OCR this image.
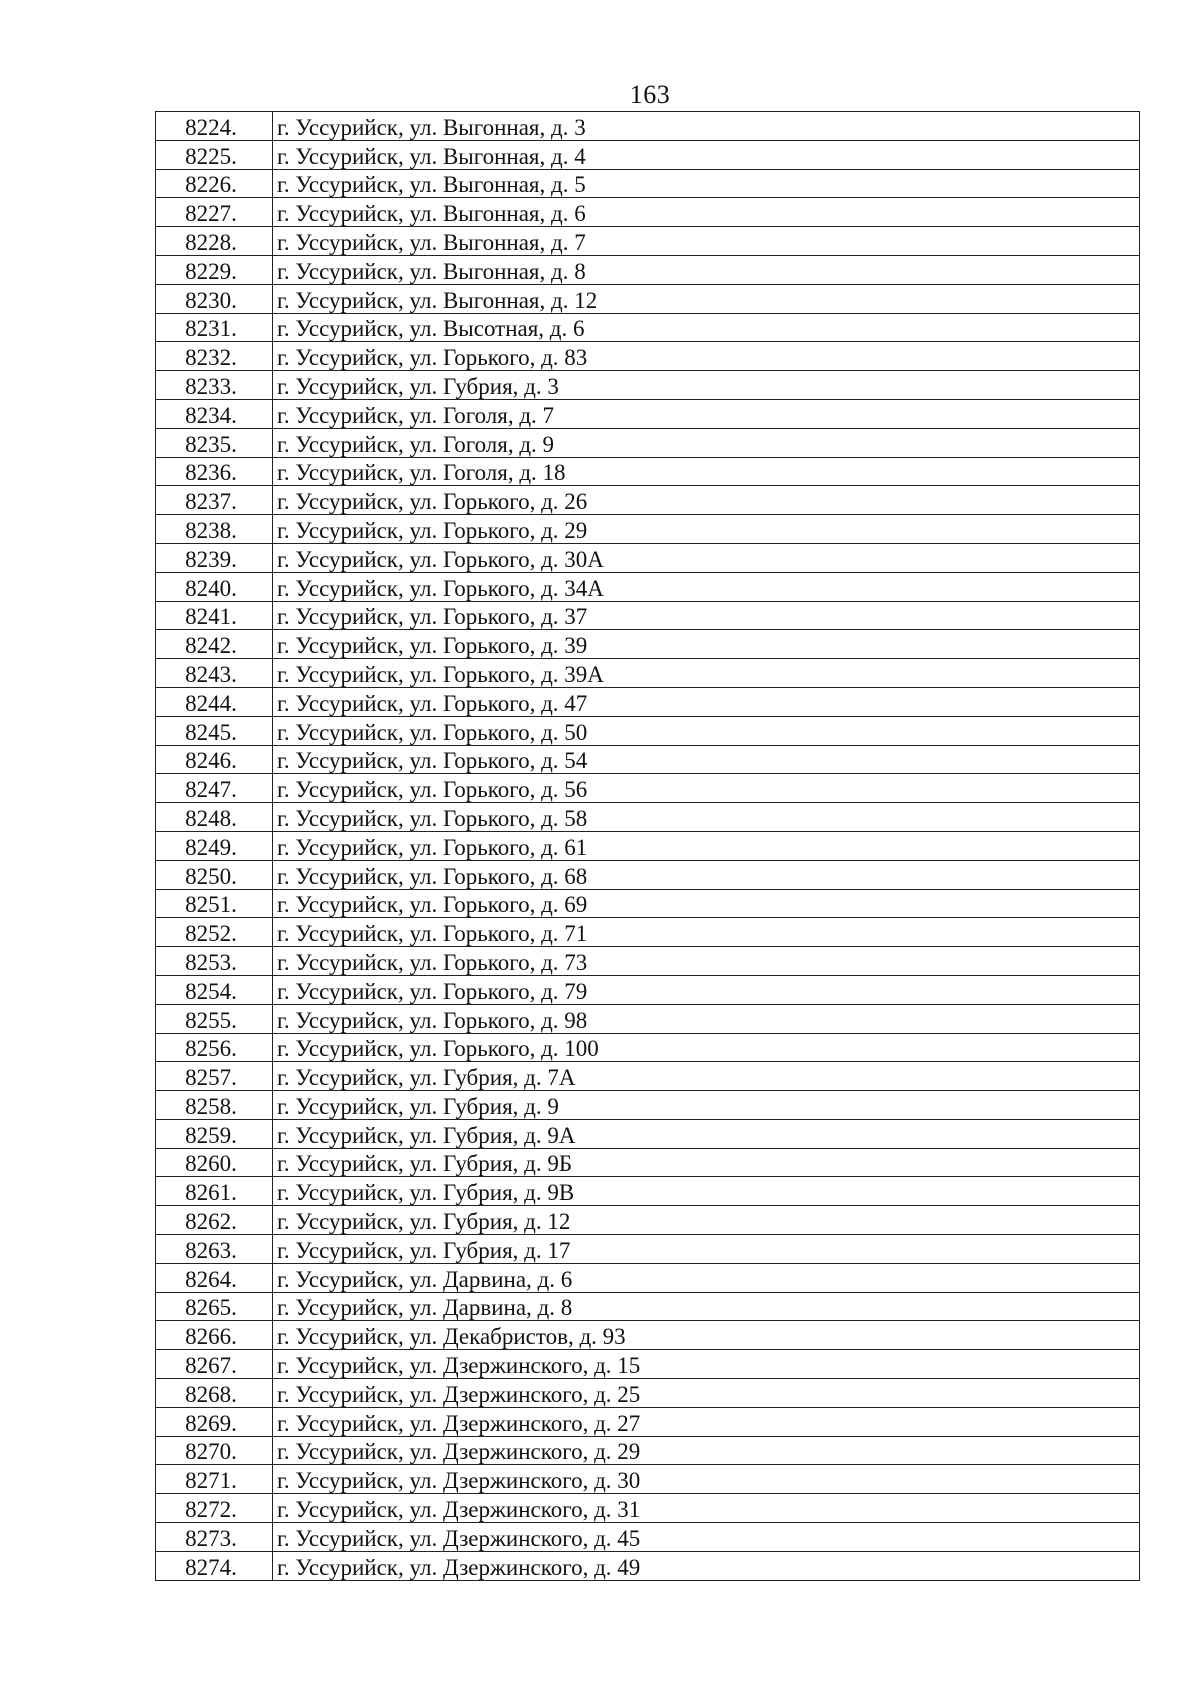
163
8224.	г. Уссурийск, ул. Выгонная, д. 3
8225.	г. Уссурийск, ул. Выгонная, д. 4
8226.	г. Уссурийск, ул. Выгонная, д. 5
8227.	г. Уссурийск, ул. Выгонная, д. 6
8228.	г. Уссурийск, ул. Выгонная, д. 7
8229.	г. Уссурийск, ул. Выгонная, д. 8
8230.	г. Уссурийск, ул. Выгонная, д. 12
8231.	г. Уссурийск, ул. Высотная, д. 6
8232.	г. Уссурийск, ул. Горького, д. 83
8233.	г. Уссурийск, ул. Губрия, д. 3
8234.	г. Уссурийск, ул. Гоголя, д. 7
8235.	г. Уссурийск, ул. Гоголя, д. 9
8236.	г. Уссурийск, ул. Гоголя, д. 18
8237.	г. Уссурийск, ул. Горького, д. 26
8238.	г. Уссурийск, ул. Горького, д. 29
8239.	г. Уссурийск, ул. Горького, д. 30А
8240.	г. Уссурийск, ул. Горького, д. 34А
8241.	г. Уссурийск, ул. Горького, д. 37
8242.	г. Уссурийск, ул. Горького, д. 39
8243.	г. Уссурийск, ул. Горького, д. 39А
8244.	г. Уссурийск, ул. Горького, д. 47
8245.	г. Уссурийск, ул. Горького, д. 50
8246.	г. Уссурийск, ул. Горького, д. 54
8247.	г. Уссурийск, ул. Горького, д. 56
8248.	г. Уссурийск, ул. Горького, д. 58
8249.	г. Уссурийск, ул. Горького, д. 61
8250.	г. Уссурийск, ул. Горького, д. 68
8251.	г. Уссурийск, ул. Горького, д. 69
8252.	г. Уссурийск, ул. Горького, д. 71
8253.	г. Уссурийск, ул. Горького, д. 73
8254.	г. Уссурийск, ул. Горького, д. 79
8255.	г. Уссурийск, ул. Горького, д. 98
8256.	г. Уссурийск, ул. Горького, д. 100
8257.	г. Уссурийск, ул. Губрия, д. 7А
8258.	г. Уссурийск, ул. Губрия, д. 9
8259.	г. Уссурийск, ул. Губрия, д. 9А
8260.	г. Уссурийск, ул. Губрия, д. 9Б
8261.	г. Уссурийск, ул. Губрия, д. 9В
8262.	г. Уссурийск, ул. Губрия, д. 12
8263.	г. Уссурийск, ул. Губрия, д. 17
8264.	г. Уссурийск, ул. Дарвина, д. 6
8265.	г. Уссурийск, ул. Дарвина, д. 8
8266.	г. Уссурийск, ул. Декабристов, д. 93
8267.	г. Уссурийск, ул. Дзержинского, д. 15
8268.	г. Уссурийск, ул. Дзержинского, д. 25
8269.	г. Уссурийск, ул. Дзержинского, д. 27
8270.	г. Уссурийск, ул. Дзержинского, д. 29
8271.	г. Уссурийск, ул. Дзержинского, д. 30
8272.	г. Уссурийск, ул. Дзержинского, д. 31
8273.	г. Уссурийск, ул. Дзержинского, д. 45
8274.	г. Уссурийск, ул. Дзержинского, д. 49
